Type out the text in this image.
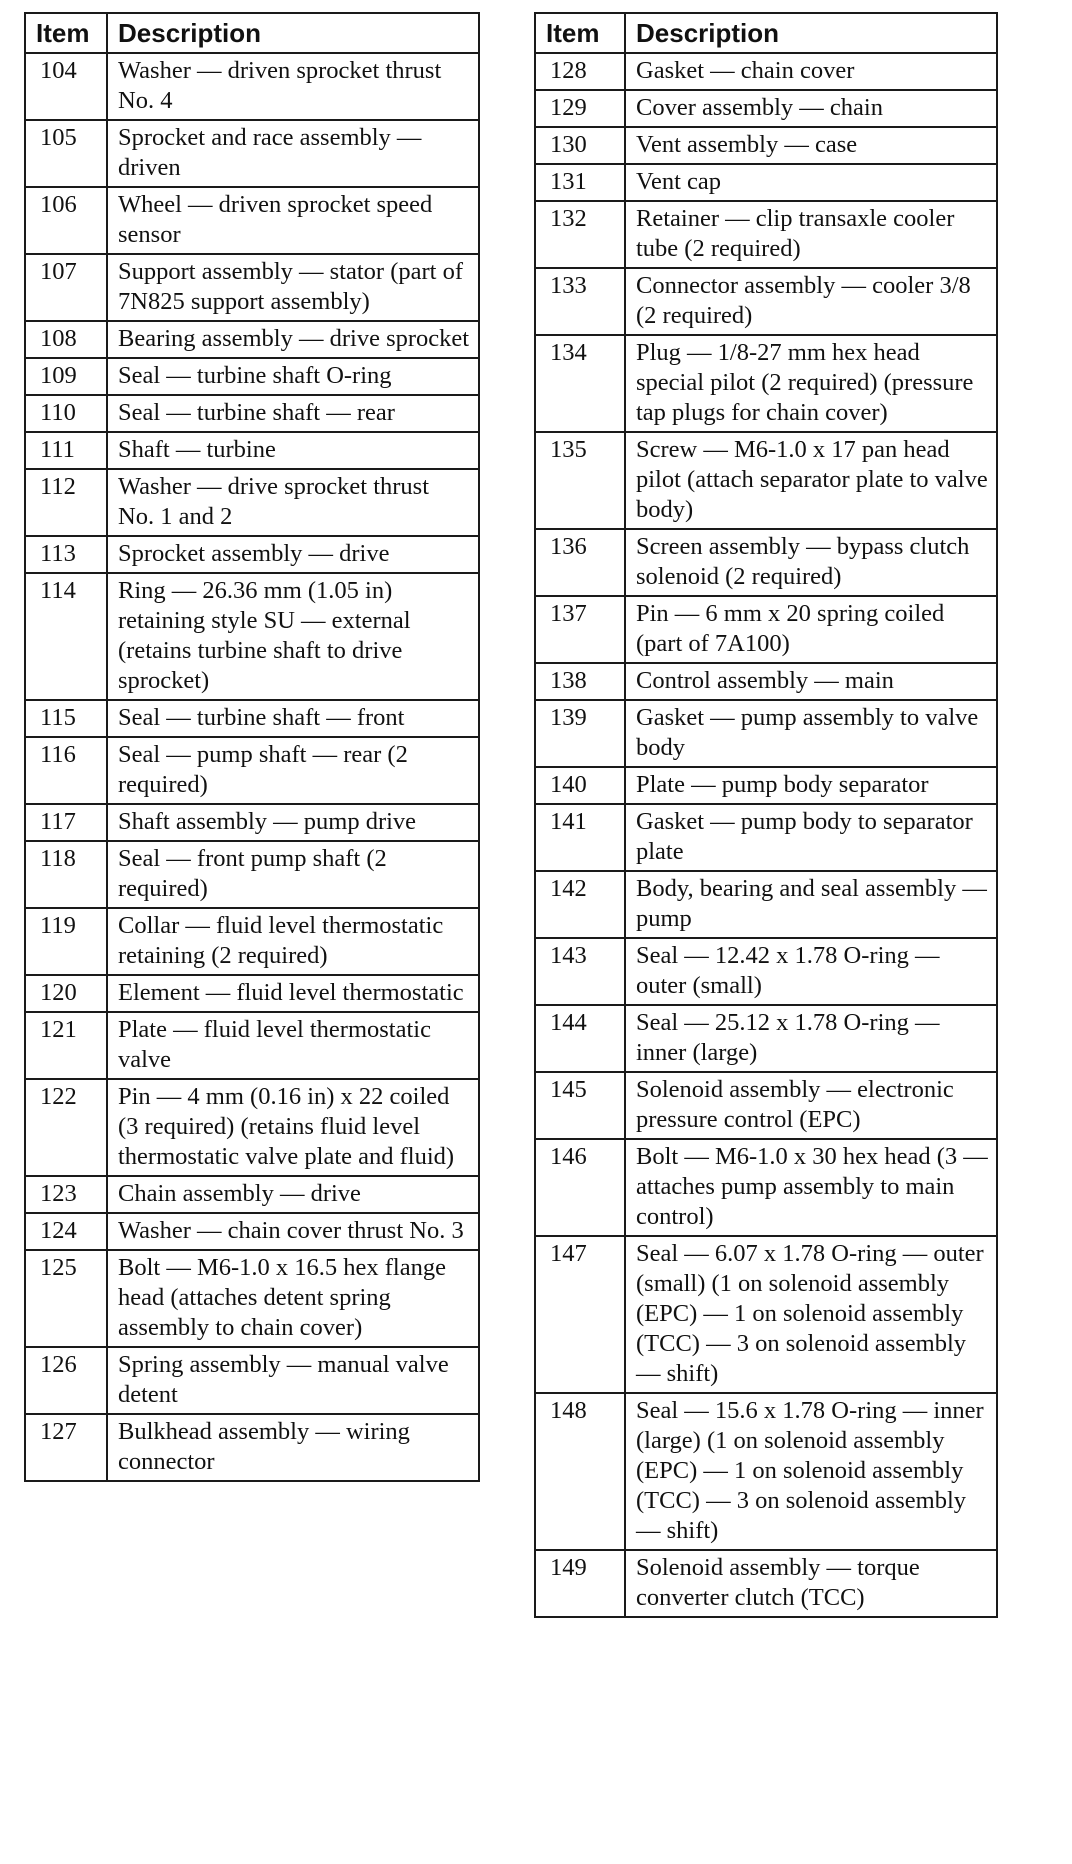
Item	Description
104	Washer — driven sprocket thrust No. 4
105	Sprocket and race assembly — driven
106	Wheel — driven sprocket speed sensor
107	Support assembly — stator (part of 7N825 support assembly)
108	Bearing assembly — drive sprocket
109	Seal — turbine shaft O-ring
110	Seal — turbine shaft — rear
111	Shaft — turbine
112	Washer — drive sprocket thrust No. 1 and 2
113	Sprocket assembly — drive
114	Ring — 26.36 mm (1.05 in) retaining style SU — external (retains turbine shaft to drive sprocket)
115	Seal — turbine shaft — front
116	Seal — pump shaft — rear (2 required)
117	Shaft assembly — pump drive
118	Seal — front pump shaft (2 required)
119	Collar — fluid level thermostatic retaining (2 required)
120	Element — fluid level thermostatic
121	Plate — fluid level thermostatic valve
122	Pin — 4 mm (0.16 in) x 22 coiled (3 required) (retains fluid level thermostatic valve plate and fluid)
123	Chain assembly — drive
124	Washer — chain cover thrust No. 3
125	Bolt — M6-1.0 x 16.5 hex flange head (attaches detent spring assembly to chain cover)
126	Spring assembly — manual valve detent
127	Bulkhead assembly — wiring connector
Item	Description
128	Gasket — chain cover
129	Cover assembly — chain
130	Vent assembly — case
131	Vent cap
132	Retainer — clip transaxle cooler tube (2 required)
133	Connector assembly — cooler 3/8 (2 required)
134	Plug — 1/8-27 mm hex head special pilot (2 required) (pressure tap plugs for chain cover)
135	Screw — M6-1.0 x 17 pan head pilot (attach separator plate to valve body)
136	Screen assembly — bypass clutch solenoid (2 required)
137	Pin — 6 mm x 20 spring coiled (part of 7A100)
138	Control assembly — main
139	Gasket — pump assembly to valve body
140	Plate — pump body separator
141	Gasket — pump body to separator plate
142	Body, bearing and seal assembly — pump
143	Seal — 12.42 x 1.78 O-ring — outer (small)
144	Seal — 25.12 x 1.78 O-ring — inner (large)
145	Solenoid assembly — electronic pressure control (EPC)
146	Bolt — M6-1.0 x 30 hex head (3 — attaches pump assembly to main control)
147	Seal — 6.07 x 1.78 O-ring — outer (small) (1 on solenoid assembly (EPC) — 1 on solenoid assembly (TCC) — 3 on solenoid assembly — shift)
148	Seal — 15.6 x 1.78 O-ring — inner (large) (1 on solenoid assembly (EPC) — 1 on solenoid assembly (TCC) — 3 on solenoid assembly — shift)
149	Solenoid assembly — torque converter clutch (TCC)
